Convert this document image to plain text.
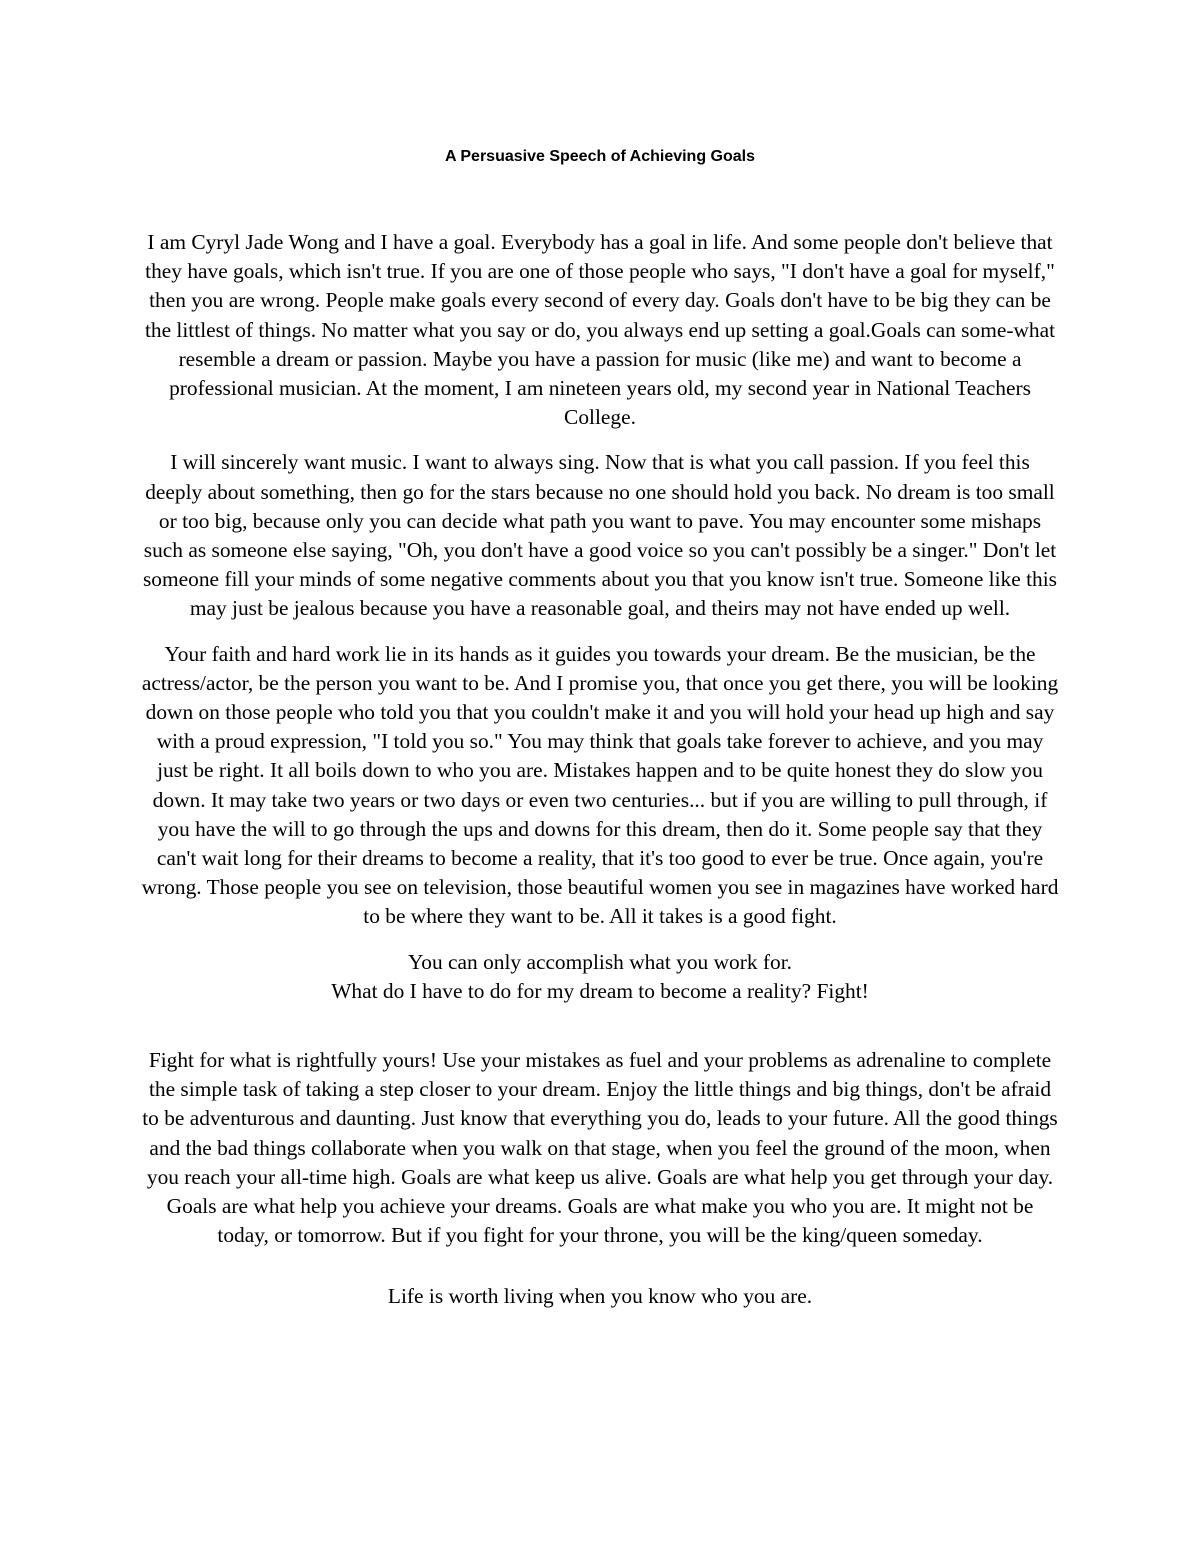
A Persuasive Speech of Achieving Goals

I am Cyryl Jade Wong and I have a goal. Everybody has a goal in life. And some people don't believe that they have goals, which isn't true. If you are one of those people who says, "I don't have a goal for myself," then you are wrong. People make goals every second of every day. Goals don't have to be big they can be the littlest of things. No matter what you say or do, you always end up setting a goal.Goals can some-what resemble a dream or passion. Maybe you have a passion for music (like me) and want to become a professional musician. At the moment, I am nineteen years old, my second year in National Teachers College.

I will sincerely want music. I want to always sing. Now that is what you call passion. If you feel this deeply about something, then go for the stars because no one should hold you back. No dream is too small or too big, because only you can decide what path you want to pave. You may encounter some mishaps such as someone else saying, "Oh, you don't have a good voice so you can't possibly be a singer." Don't let someone fill your minds of some negative comments about you that you know isn't true. Someone like this may just be jealous because you have a reasonable goal, and theirs may not have ended up well.

Your faith and hard work lie in its hands as it guides you towards your dream. Be the musician, be the actress/actor, be the person you want to be. And I promise you, that once you get there, you will be looking down on those people who told you that you couldn't make it and you will hold your head up high and say with a proud expression, "I told you so." You may think that goals take forever to achieve, and you may just be right. It all boils down to who you are. Mistakes happen and to be quite honest they do slow you down. It may take two years or two days or even two centuries... but if you are willing to pull through, if you have the will to go through the ups and downs for this dream, then do it. Some people say that they can't wait long for their dreams to become a reality, that it's too good to ever be true. Once again, you're wrong. Those people you see on television, those beautiful women you see in magazines have worked hard to be where they want to be. All it takes is a good fight.

You can only accomplish what you work for.
What do I have to do for my dream to become a reality? Fight!

Fight for what is rightfully yours! Use your mistakes as fuel and your problems as adrenaline to complete the simple task of taking a step closer to your dream. Enjoy the little things and big things, don't be afraid to be adventurous and daunting. Just know that everything you do, leads to your future. All the good things and the bad things collaborate when you walk on that stage, when you feel the ground of the moon, when you reach your all-time high. Goals are what keep us alive. Goals are what help you get through your day. Goals are what help you achieve your dreams. Goals are what make you who you are. It might not be today, or tomorrow. But if you fight for your throne, you will be the king/queen someday.

Life is worth living when you know who you are.
